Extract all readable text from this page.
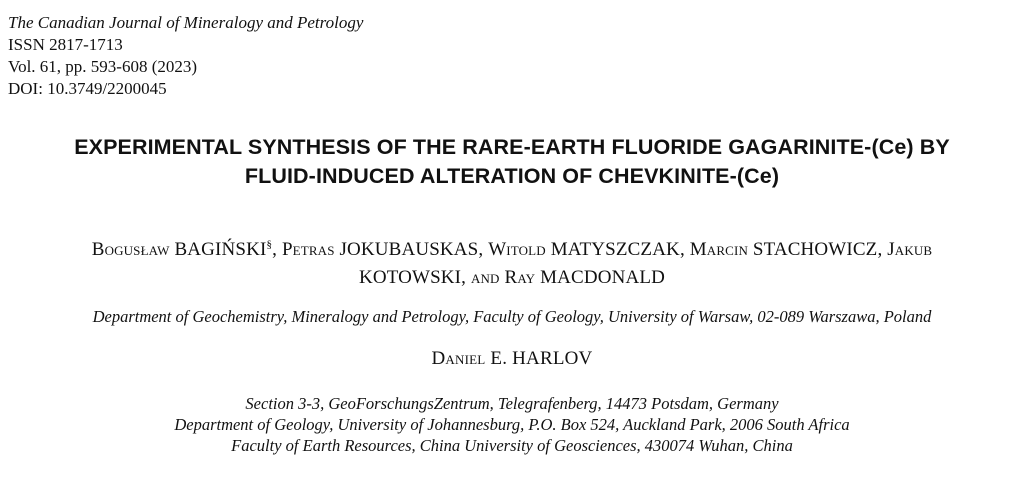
The Canadian Journal of Mineralogy and Petrology
ISSN 2817-1713
Vol. 61, pp. 593-608 (2023)
DOI: 10.3749/2200045
EXPERIMENTAL SYNTHESIS OF THE RARE-EARTH FLUORIDE GAGARINITE-(Ce) BY
FLUID-INDUCED ALTERATION OF CHEVKINITE-(Ce)
Bogusław BAGIŃSKI§, Petras JOKUBAUSKAS, Witold MATYSZCZAK, Marcin STACHOWICZ, Jakub
KOTOWSKI, and Ray MACDONALD
Department of Geochemistry, Mineralogy and Petrology, Faculty of Geology, University of Warsaw, 02-089 Warszawa, Poland
Daniel E. HARLOV
Section 3-3, GeoForschungsZentrum, Telegrafenberg, 14473 Potsdam, Germany
Department of Geology, University of Johannesburg, P.O. Box 524, Auckland Park, 2006 South Africa
Faculty of Earth Resources, China University of Geosciences, 430074 Wuhan, China
